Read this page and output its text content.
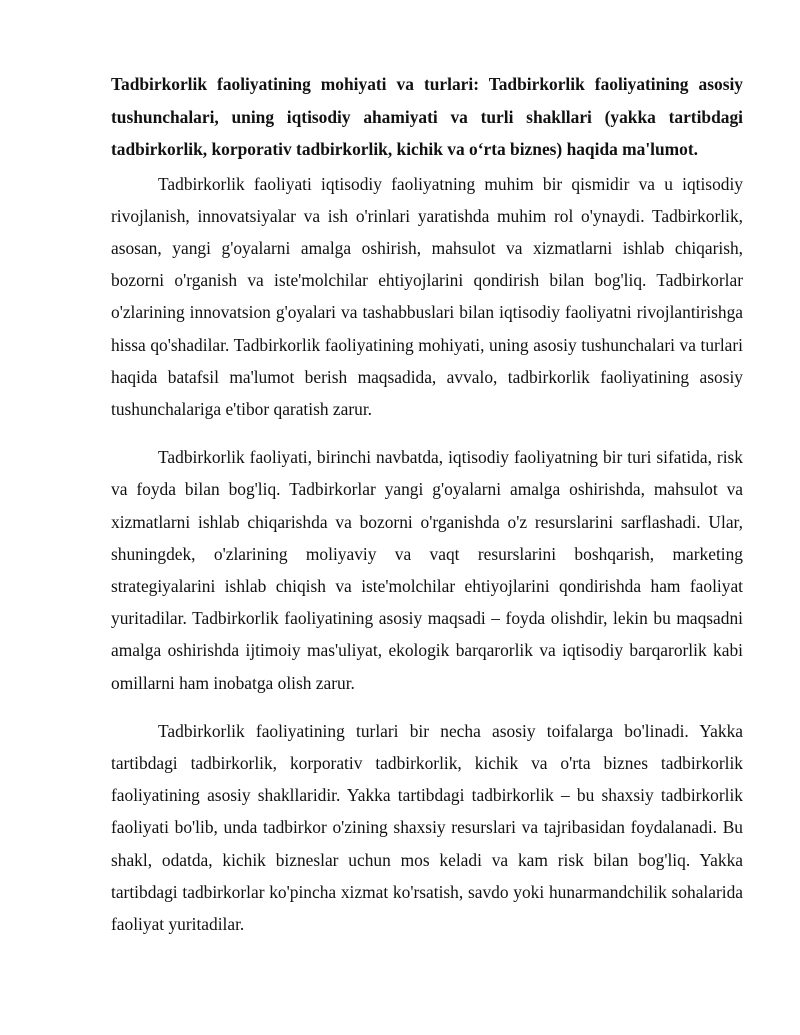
Tadbirkorlik faoliyatining mohiyati va turlari: Tadbirkorlik faoliyatining asosiy tushunchalari, uning iqtisodiy ahamiyati va turli shakllari (yakka tartibdagi tadbirkorlik, korporativ tadbirkorlik, kichik va o‘rta biznes) haqida ma'lumot.

Tadbirkorlik faoliyati iqtisodiy faoliyatning muhim bir qismidir va u iqtisodiy rivojlanish, innovatsiyalar va ish o'rinlari yaratishda muhim rol o'ynaydi. Tadbirkorlik, asosan, yangi g'oyalarni amalga oshirish, mahsulot va xizmatlarni ishlab chiqarish, bozorni o'rganish va iste'molchilar ehtiyojlarini qondirish bilan bog'liq. Tadbirkorlar o'zlarining innovatsion g'oyalari va tashabbuslari bilan iqtisodiy faoliyatni rivojlantirishga hissa qo'shadilar. Tadbirkorlik faoliyatining mohiyati, uning asosiy tushunchalari va turlari haqida batafsil ma'lumot berish maqsadida, avvalo, tadbirkorlik faoliyatining asosiy tushunchalariga e'tibor qaratish zarur.

Tadbirkorlik faoliyati, birinchi navbatda, iqtisodiy faoliyatning bir turi sifatida, risk va foyda bilan bog'liq. Tadbirkorlar yangi g'oyalarni amalga oshirishda, mahsulot va xizmatlarni ishlab chiqarishda va bozorni o'rganishda o'z resurslarini sarflashadi. Ular, shuningdek, o'zlarining moliyaviy va vaqt resurslarini boshqarish, marketing strategiyalarini ishlab chiqish va iste'molchilar ehtiyojlarini qondirishda ham faoliyat yuritadilar. Tadbirkorlik faoliyatining asosiy maqsadi – foyda olishdir, lekin bu maqsadni amalga oshirishda ijtimoiy mas'uliyat, ekologik barqarorlik va iqtisodiy barqarorlik kabi omillarni ham inobatga olish zarur.

Tadbirkorlik faoliyatining turlari bir necha asosiy toifalarga bo'linadi. Yakka tartibdagi tadbirkorlik, korporativ tadbirkorlik, kichik va o'rta biznes tadbirkorlik faoliyatining asosiy shakllaridir. Yakka tartibdagi tadbirkorlik – bu shaxsiy tadbirkorlik faoliyati bo'lib, unda tadbirkor o'zining shaxsiy resurslari va tajribasidan foydalanadi. Bu shakl, odatda, kichik bizneslar uchun mos keladi va kam risk bilan bog'liq. Yakka tartibdagi tadbirkorlar ko'pincha xizmat ko'rsatish, savdo yoki hunarmandchilik sohalarida faoliyat yuritadilar.
